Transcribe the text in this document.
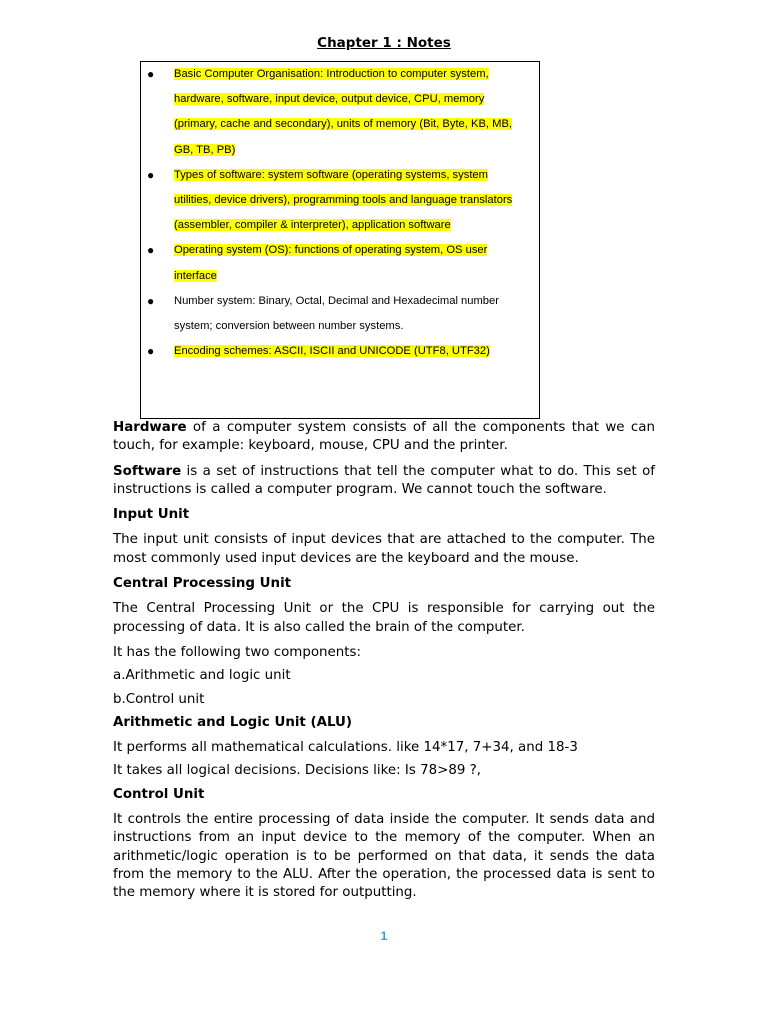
Chapter 1 : Notes
● Basic Computer Organisation: Introduction to computer system, hardware, software, input device, output device, CPU, memory (primary, cache and secondary), units of memory (Bit, Byte, KB, MB, GB, TB, PB)
● Types of software: system software (operating systems, system utilities, device drivers), programming tools and language translators (assembler, compiler & interpreter), application software
● Operating system (OS): functions of operating system, OS user interface
● Number system: Binary, Octal, Decimal and Hexadecimal number system; conversion between number systems.
● Encoding schemes: ASCII, ISCII and UNICODE (UTF8, UTF32)

Hardware of a computer system consists of all the components that we can touch, for example: keyboard, mouse, CPU and the printer.

Software is a set of instructions that tell the computer what to do. This set of instructions is called a computer program. We cannot touch the software.

Input Unit

The input unit consists of input devices that are attached to the computer. The most commonly used input devices are the keyboard and the mouse.

Central Processing Unit

The Central Processing Unit or the CPU is responsible for carrying out the processing of data. It is also called the brain of the computer.

It has the following two components:
a.Arithmetic and logic unit
b.Control unit
Arithmetic and Logic Unit (ALU)
It performs all mathematical calculations. like 14*17, 7+34, and 18-3
It takes all logical decisions. Decisions like: Is 78>89 ?,
Control Unit

It controls the entire processing of data inside the computer. It sends data and instructions from an input device to the memory of the computer. When an arithmetic/logic operation is to be performed on that data, it sends the data from the memory to the ALU. After the operation, the processed data is sent to the memory where it is stored for outputting.

1
